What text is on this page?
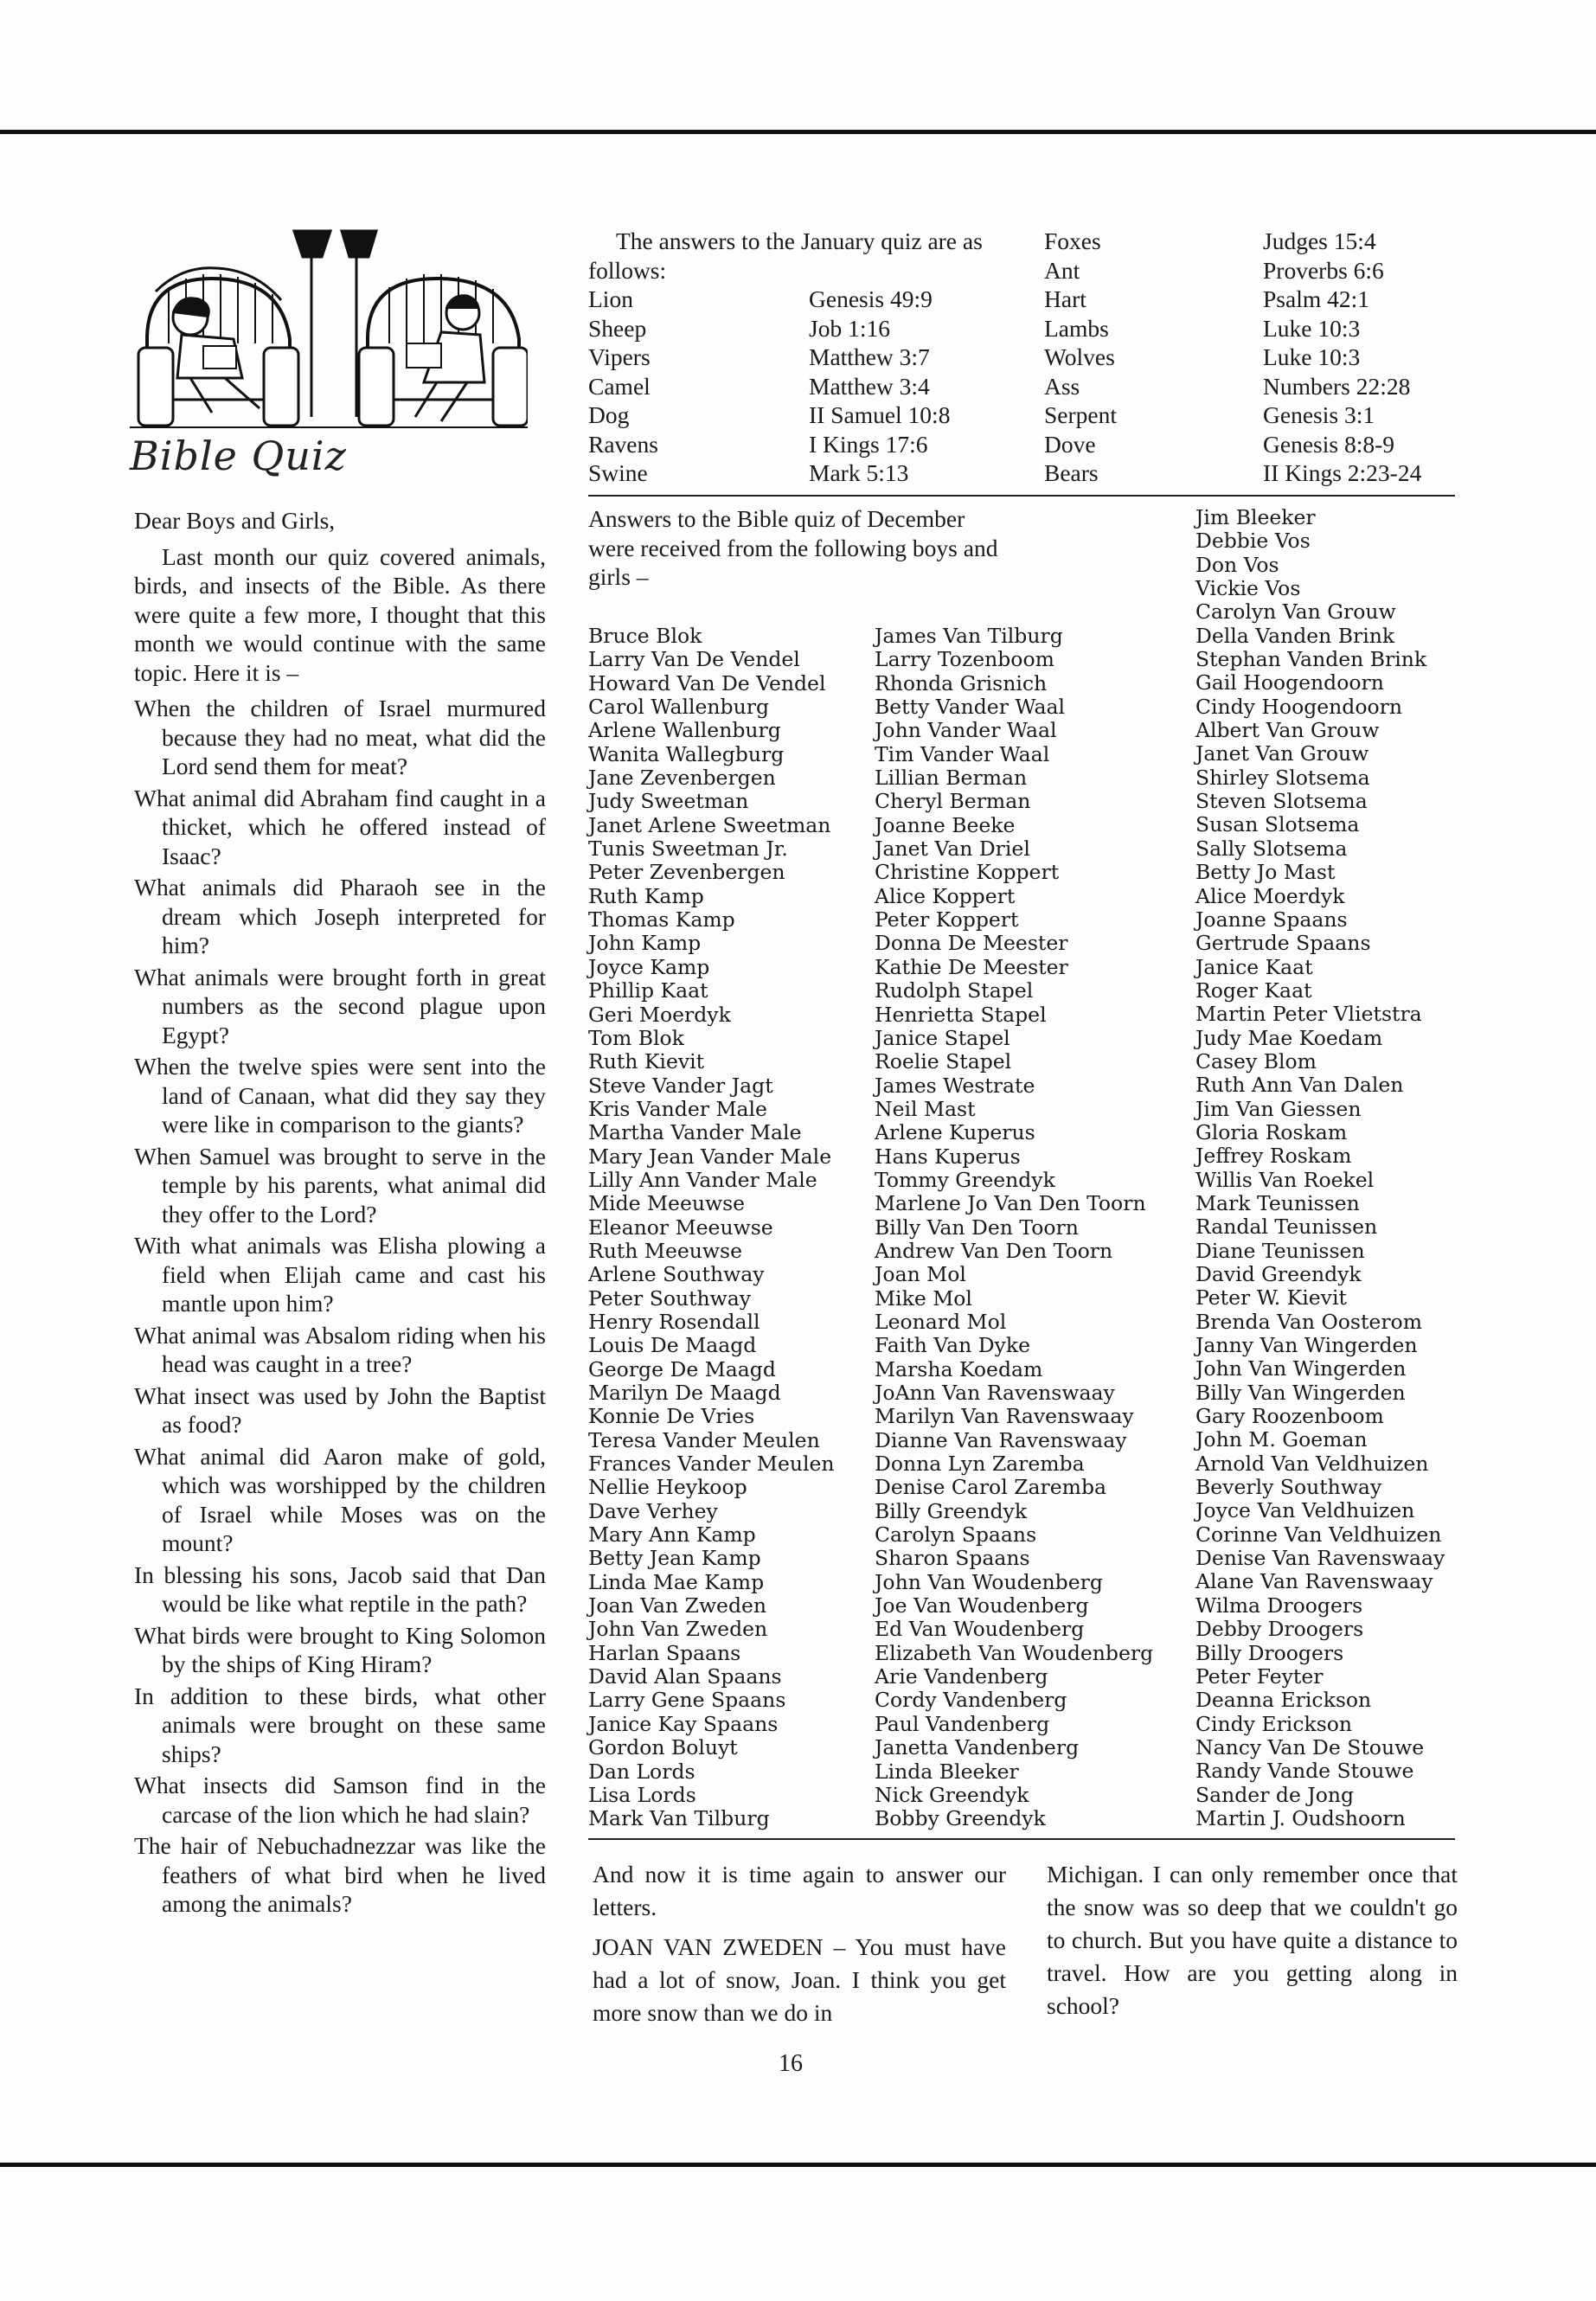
Bible Quiz

Dear Boys and Girls,

Last month our quiz covered animals, birds, and insects of the Bible. As there were quite a few more, I thought that this month we would continue with the same topic. Here it is –

When the children of Israel murmured because they had no meat, what did the Lord send them for meat?
What animal did Abraham find caught in a thicket, which he offered instead of Isaac?
What animals did Pharaoh see in the dream which Joseph interpreted for him?
What animals were brought forth in great numbers as the second plague upon Egypt?
When the twelve spies were sent into the land of Canaan, what did they say they were like in comparison to the giants?
When Samuel was brought to serve in the temple by his parents, what animal did they offer to the Lord?
With what animals was Elisha plowing a field when Elijah came and cast his mantle upon him?
What animal was Absalom riding when his head was caught in a tree?
What insect was used by John the Baptist as food?
What animal did Aaron make of gold, which was worshipped by the children of Israel while Moses was on the mount?
In blessing his sons, Jacob said that Dan would be like what reptile in the path?
What birds were brought to King Solomon by the ships of King Hiram?
In addition to these birds, what other animals were brought on these same ships?
What insects did Samson find in the carcase of the lion which he had slain?
The hair of Nebuchadnezzar was like the feathers of what bird when he lived among the animals?

The answers to the January quiz are as follows:

Lion
Sheep
Vipers
Camel
Dog
Ravens
Swine
Genesis 49:9
Job 1:16
Matthew 3:7
Matthew 3:4
II Samuel 10:8
I Kings 17:6
Mark 5:13
Foxes
Ant
Hart
Lambs
Wolves
Ass
Serpent
Dove
Bears
Judges 15:4
Proverbs 6:6
Psalm 42:1
Luke 10:3
Luke 10:3
Numbers 22:28
Genesis 3:1
Genesis 8:8-9
II Kings 2:23-24

Answers to the Bible quiz of December were received from the following boys and girls –

Bruce Blok
Larry Van De Vendel
Howard Van De Vendel
Carol Wallenburg
Arlene Wallenburg
Wanita Wallegburg
Jane Zevenbergen
Judy Sweetman
Janet Arlene Sweetman
Tunis Sweetman Jr.
Peter Zevenbergen
Ruth Kamp
Thomas Kamp
John Kamp
Joyce Kamp
Phillip Kaat
Geri Moerdyk
Tom Blok
Ruth Kievit
Steve Vander Jagt
Kris Vander Male
Martha Vander Male
Mary Jean Vander Male
Lilly Ann Vander Male
Mide Meeuwse
Eleanor Meeuwse
Ruth Meeuwse
Arlene Southway
Peter Southway
Henry Rosendall
Louis De Maagd
George De Maagd
Marilyn De Maagd
Konnie De Vries
Teresa Vander Meulen
Frances Vander Meulen
Nellie Heykoop
Dave Verhey
Mary Ann Kamp
Betty Jean Kamp
Linda Mae Kamp
Joan Van Zweden
John Van Zweden
Harlan Spaans
David Alan Spaans
Larry Gene Spaans
Janice Kay Spaans
Gordon Boluyt
Dan Lords
Lisa Lords
Mark Van Tilburg
James Van Tilburg
Larry Tozenboom
Rhonda Grisnich
Betty Vander Waal
John Vander Waal
Tim Vander Waal
Lillian Berman
Cheryl Berman
Joanne Beeke
Janet Van Driel
Christine Koppert
Alice Koppert
Peter Koppert
Donna De Meester
Kathie De Meester
Rudolph Stapel
Henrietta Stapel
Janice Stapel
Roelie Stapel
James Westrate
Neil Mast
Arlene Kuperus
Hans Kuperus
Tommy Greendyk
Marlene Jo Van Den Toorn
Billy Van Den Toorn
Andrew Van Den Toorn
Joan Mol
Mike Mol
Leonard Mol
Faith Van Dyke
Marsha Koedam
JoAnn Van Ravenswaay
Marilyn Van Ravenswaay
Dianne Van Ravenswaay
Donna Lyn Zaremba
Denise Carol Zaremba
Billy Greendyk
Carolyn Spaans
Sharon Spaans
John Van Woudenberg
Joe Van Woudenberg
Ed Van Woudenberg
Elizabeth Van Woudenberg
Arie Vandenberg
Cordy Vandenberg
Paul Vandenberg
Janetta Vandenberg
Linda Bleeker
Nick Greendyk
Bobby Greendyk
Jim Bleeker
Debbie Vos
Don Vos
Vickie Vos
Carolyn Van Grouw
Della Vanden Brink
Stephan Vanden Brink
Gail Hoogendoorn
Cindy Hoogendoorn
Albert Van Grouw
Janet Van Grouw
Shirley Slotsema
Steven Slotsema
Susan Slotsema
Sally Slotsema
Betty Jo Mast
Alice Moerdyk
Joanne Spaans
Gertrude Spaans
Janice Kaat
Roger Kaat
Martin Peter Vlietstra
Judy Mae Koedam
Casey Blom
Ruth Ann Van Dalen
Jim Van Giessen
Gloria Roskam
Jeffrey Roskam
Willis Van Roekel
Mark Teunissen
Randal Teunissen
Diane Teunissen
David Greendyk
Peter W. Kievit
Brenda Van Oosterom
Janny Van Wingerden
John Van Wingerden
Billy Van Wingerden
Gary Roozenboom
John M. Goeman
Arnold Van Veldhuizen
Beverly Southway
Joyce Van Veldhuizen
Corinne Van Veldhuizen
Denise Van Ravenswaay
Alane Van Ravenswaay
Wilma Droogers
Debby Droogers
Billy Droogers
Peter Feyter
Deanna Erickson
Cindy Erickson
Nancy Van De Stouwe
Randy Vande Stouwe
Sander de Jong
Martin J. Oudshoorn

And now it is time again to answer our letters.

JOAN VAN ZWEDEN – You must have had a lot of snow, Joan. I think you get more snow than we do in

Michigan. I can only remember once that the snow was so deep that we couldn't go to church. But you have quite a distance to travel. How are you getting along in school?

16
